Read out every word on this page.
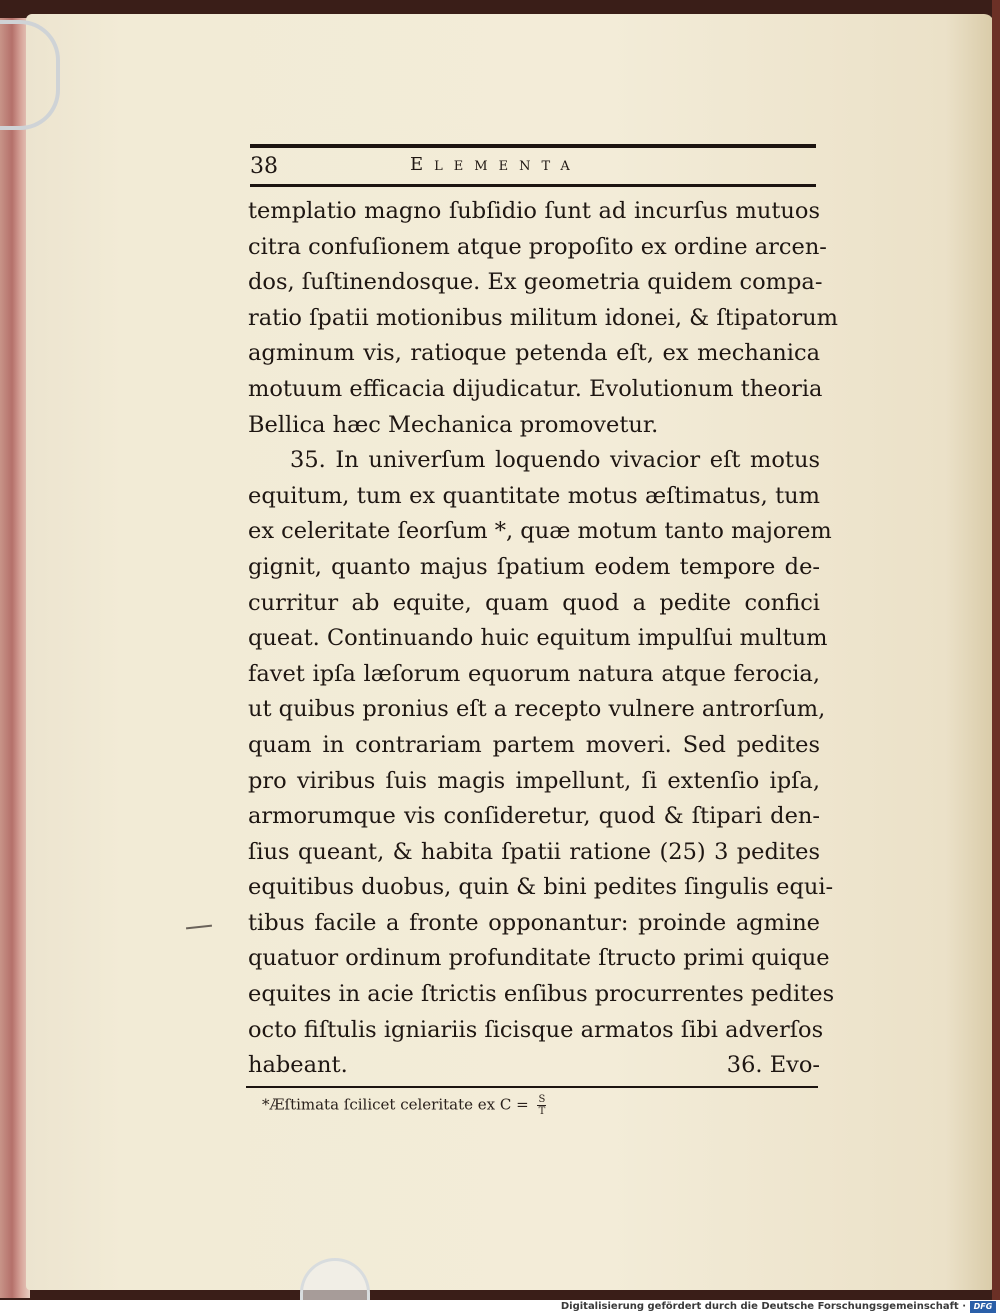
38	Elementa
templatio magno ſubſidio ſunt ad incurſus mutuos
citra confuſionem atque propoſito ex ordine arcen-
dos, ſuſtinendosque. Ex geometria quidem compa-
ratio ſpatii motionibus militum idonei, & ſtipatorum
agminum vis, ratioque petenda eſt, ex mechanica
motuum efficacia dijudicatur. Evolutionum theoria
Bellica hæc Mechanica promovetur.
35. In univerſum loquendo vivacior eſt motus
equitum, tum ex quantitate motus æſtimatus, tum
ex celeritate ſeorſum *, quæ motum tanto majorem
gignit, quanto majus ſpatium eodem tempore de-
curritur ab equite, quam quod a pedite confici
queat. Continuando huic equitum impulſui multum
favet ipſa læſorum equorum natura atque ferocia,
ut quibus pronius eſt a recepto vulnere antrorſum,
quam in contrariam partem moveri. Sed pedites
pro viribus ſuis magis impellunt, ſi extenſio ipſa,
armorumque vis conſideretur, quod & ſtipari den-
ſius queant, & habita ſpatii ratione (25) 3 pedites
equitibus duobus, quin & bini pedites ſingulis equi-
tibus facile a fronte opponantur: proinde agmine
quatuor ordinum profunditate ſtructo primi quique
equites in acie ſtrictis enſibus procurrentes pedites
octo fiſtulis igniariis ſicisque armatos ſibi adverſos
habeant.	36. Evo-
*Æſtimata ſcilicet celeritate ex $C = \frac{S}{T}$
Digitalisierung gefördert durch die Deutsche Forschungsgemeinschaft · DFG
